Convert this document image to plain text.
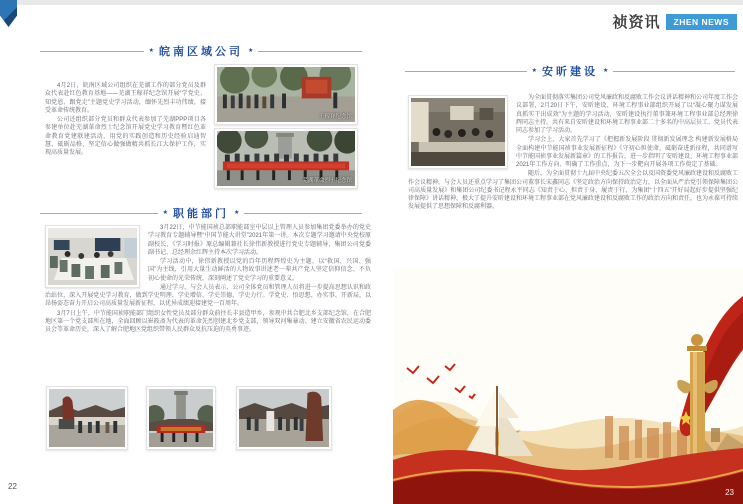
祯资讯	ZHEN NEWS
★ 皖南区域公司 ★

4月2日，皖南区域公司组织在芜湖工作的部分党员及群众代表赴红色教育基地——芜湖王稼祥纪念馆开展“学党史、知党恩、跟党走”主题党史学习活动，缅怀先烈丰功伟绩，接受革命传统教育。

公司还组织部分党员和群众代表参加了芜湖PPP项目各参建单位赴芜湖革命烈士纪念馆开展党史学习教育暨红色革命教育党建联建活动，用党的实践创造和历史经验启迪智慧，砥砺品格，坚定信心做强做精共抓长江大保护工作，实现高质量发展。

王稼祥纪念馆
芜湖革命烈士纪念馆
★ 职能部门 ★

3月22日，中节能国祯总部职能部室中层以上管理人员参加集团党委举办的党史学习教育专题辅导暨“中国节能大讲堂”2021年第一讲。本次专题学习邀请中央党校原副校长、《学习时报》原总编辑兼社长徐伟新教授进行党史专题辅导，集团公司党委副书记、总经理余红辉主持本次学习活动。

学习活动中，徐伟新教授以党的百年历程辉煌史为主题，以“救国、兴国、强国”为主线，引用大量生动鲜活的人物故事讲述老一辈共产党人坚定信仰信念、不负初心使命的光荣传统，深刻阐述了党史学习的重要意义。

通过学习，与会人员表示，公司全体党员和管理人员将进一步提高思想认识和政治站位，深入开展党史学习教育，做到学史明理、学史增信、学史崇德、学史力行。学党史、悟思想、办实事、开新局，以昂扬姿态奋力开启公司高质量发展新征程，以优异成绩迎接建党一百周年。

3月7日上午，中节能国祯职能部门组织女性党员及部分群众前往长丰县造甲乡，参观中共合肥北乡支部纪念馆，在合肥地区第一个党支部所在地，全面回顾以崔筱斋为代表的革命先烈创建北乡党支部，领导双河集暴动、建立安徽省农民运动委员会等革命历史，深入了解合肥地区党组织带领人民群众反抗压迫的英勇事迹。

22
★ 安昕建设 ★

为全面贯彻落实集团公司党风廉政和反腐败工作会议讲话精神和公司年度工作会议部署，2月20日下午，安昕建设、环境工程事业部组织开展了以“凝心聚力谋发展 真抓实干出成效”为主题的学习活动，安昕建设执行董事兼环境工程事业部总经理徐辉同志主持，共有来自安昕建设和环境工程事业部二十多名的中高层员工、党员代表同志参加了学习活动。

学习会上，大家首先学习了《把握新发展阶段 贯彻新发展理念 构建新发展格局 全面构建中节能国祯事业发展新征程》《守初心担使命，砥砺奋进新征程，共同谱写中节能国祯事业发展新篇章》的工作报告，进一步指明了安昕建设、环境工程事业部2021年工作方向、明确了工作重点，为下一步靶向开展各项工作奠定了基础。

随后，为全面贯彻十九届中央纪委五次全会以及国资委党风廉政建设和反腐败工作会议精神，与会人员还重点学习了集团公司董事长宋鑫同志《坚定政治方向保持政治定力，以全面从严治党引领保障集团公司高质量发展》和集团公司纪委书记程永平同志《知责于心、担责于身、履责于行，为集团“十四五”开好局起好步提供坚强纪律保障》讲话精神，极大了提升安昕建设和环境工程事业部在党风廉政建设和反腐败工作的政治方向和责任，也为永葆可持续发展提供了思想保障和反腐利器。

23
